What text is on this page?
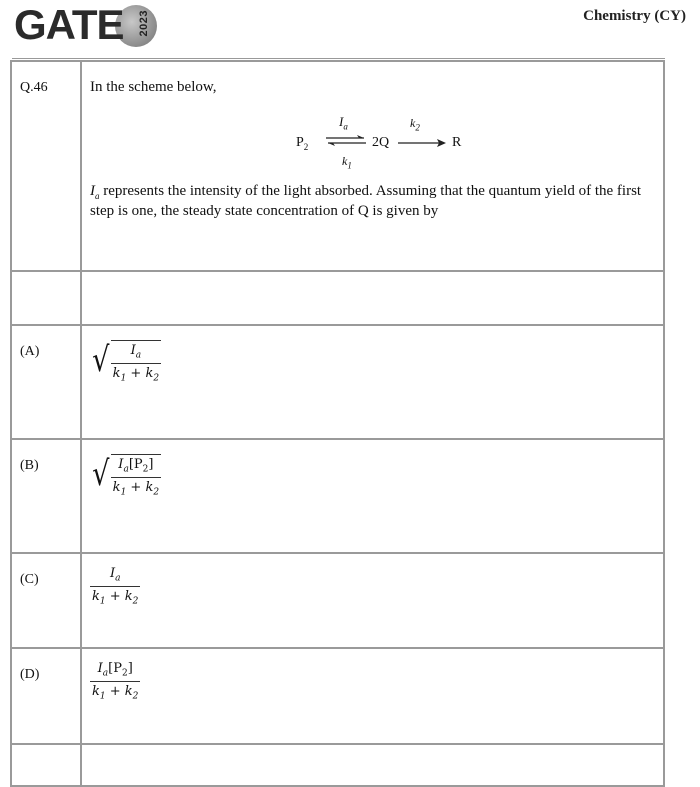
GATE 2023	Chemistry (CY)
Q.46	In the scheme below,
$P_2$
$I_a$
$k_1$
2Q
$k_2$
R
$I_a$ represents the intensity of the light absorbed. Assuming that the quantum yield of the first step is one, the steady state concentration of Q is given by

(A)	√ $\frac{I_a}{k_1 + k_2}$

(B)	√ $\frac{I_a[P_2]}{k_1 + k_2}$

(C)	$\frac{I_a}{k_1 + k_2}$

(D)	$\frac{I_a[P_2]}{k_1 + k_2}$
